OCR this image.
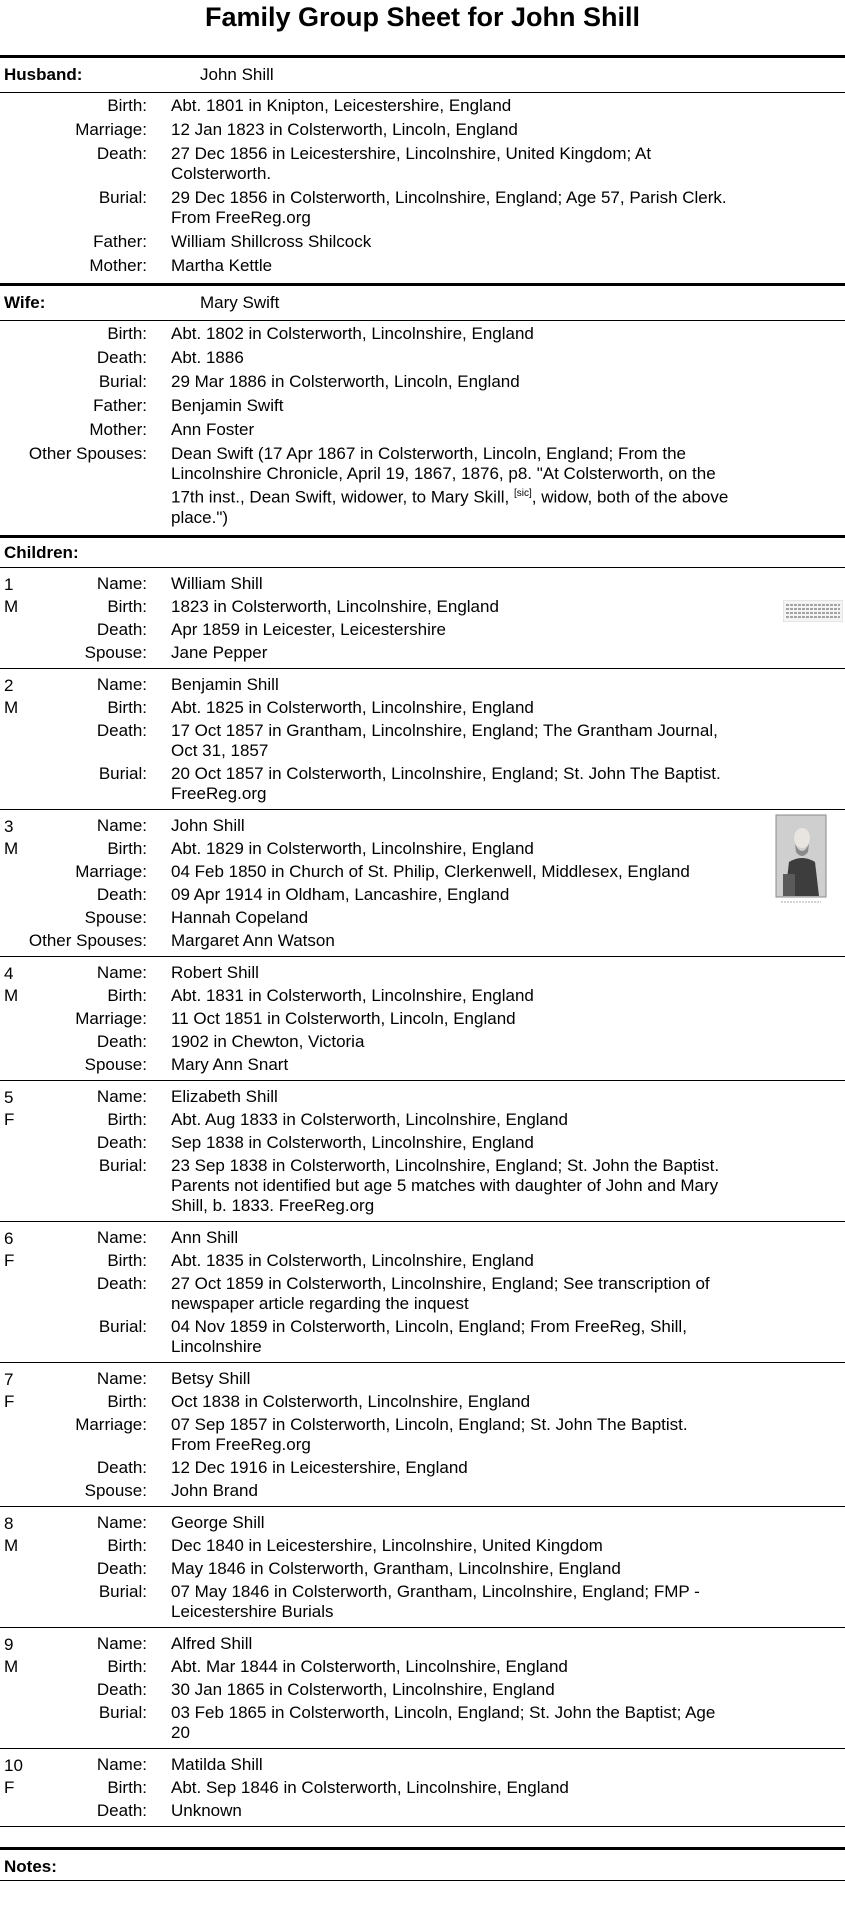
Family Group Sheet for John Shill
Husband:	John Shill
Birth:	Abt. 1801 in Knipton, Leicestershire, England
Marriage:	12 Jan 1823 in Colsterworth, Lincoln, England
Death:	27 Dec 1856 in Leicestershire, Lincolnshire, United Kingdom; At Colsterworth.
Burial:	29 Dec 1856 in Colsterworth, Lincolnshire, England; Age 57, Parish Clerk. From FreeReg.org
Father:	William Shillcross Shilcock
Mother:	Martha Kettle
Wife:	Mary Swift
Birth:	Abt. 1802 in Colsterworth, Lincolnshire, England
Death:	Abt. 1886
Burial:	29 Mar 1886 in Colsterworth, Lincoln, England
Father:	Benjamin Swift
Mother:	Ann Foster
Other Spouses:	Dean Swift (17 Apr 1867 in Colsterworth, Lincoln, England; From the Lincolnshire Chronicle, April 19, 1867, 1876, p8. "At Colsterworth, on the 17th inst., Dean Swift, widower, to Mary Skill, [sic], widow, both of the above place.")
Children:
1
M
Name:	William Shill
Birth:	1823 in Colsterworth, Lincolnshire, England
Death:	Apr 1859 in Leicester, Leicestershire
Spouse:	Jane Pepper
2
M
Name:	Benjamin Shill
Birth:	Abt. 1825 in Colsterworth, Lincolnshire, England
Death:	17 Oct 1857 in Grantham, Lincolnshire, England; The Grantham Journal, Oct 31, 1857
Burial:	20 Oct 1857 in Colsterworth, Lincolnshire, England; St. John The Baptist. FreeReg.org
3
M
Name:	John Shill
Birth:	Abt. 1829 in Colsterworth, Lincolnshire, England
Marriage:	04 Feb 1850 in Church of St. Philip, Clerkenwell, Middlesex, England
Death:	09 Apr 1914 in Oldham, Lancashire, England
Spouse:	Hannah Copeland
Other Spouses:	Margaret Ann Watson
4
M
Name:	Robert Shill
Birth:	Abt. 1831 in Colsterworth, Lincolnshire, England
Marriage:	11 Oct 1851 in Colsterworth, Lincoln, England
Death:	1902 in Chewton, Victoria
Spouse:	Mary Ann Snart
5
F
Name:	Elizabeth Shill
Birth:	Abt. Aug 1833 in Colsterworth, Lincolnshire, England
Death:	Sep 1838 in Colsterworth, Lincolnshire, England
Burial:	23 Sep 1838 in Colsterworth, Lincolnshire, England; St. John the Baptist. Parents not identified but age 5 matches with daughter of John and Mary Shill, b. 1833. FreeReg.org
6
F
Name:	Ann Shill
Birth:	Abt. 1835 in Colsterworth, Lincolnshire, England
Death:	27 Oct 1859 in Colsterworth, Lincolnshire, England; See transcription of newspaper article regarding the inquest
Burial:	04 Nov 1859 in Colsterworth, Lincoln, England; From FreeReg, Shill, Lincolnshire
7
F
Name:	Betsy Shill
Birth:	Oct 1838 in Colsterworth, Lincolnshire, England
Marriage:	07 Sep 1857 in Colsterworth, Lincoln, England; St. John The Baptist. From FreeReg.org
Death:	12 Dec 1916 in Leicestershire, England
Spouse:	John Brand
8
M
Name:	George Shill
Birth:	Dec 1840 in Leicestershire, Lincolnshire, United Kingdom
Death:	May 1846 in Colsterworth, Grantham, Lincolnshire, England
Burial:	07 May 1846 in Colsterworth, Grantham, Lincolnshire, England; FMP - Leicestershire Burials
9
M
Name:	Alfred Shill
Birth:	Abt. Mar 1844 in Colsterworth, Lincolnshire, England
Death:	30 Jan 1865 in Colsterworth, Lincolnshire, England
Burial:	03 Feb 1865 in Colsterworth, Lincoln, England; St. John the Baptist; Age 20
10
F
Name:	Matilda Shill
Birth:	Abt. Sep 1846 in Colsterworth, Lincolnshire, England
Death:	Unknown
Notes:
